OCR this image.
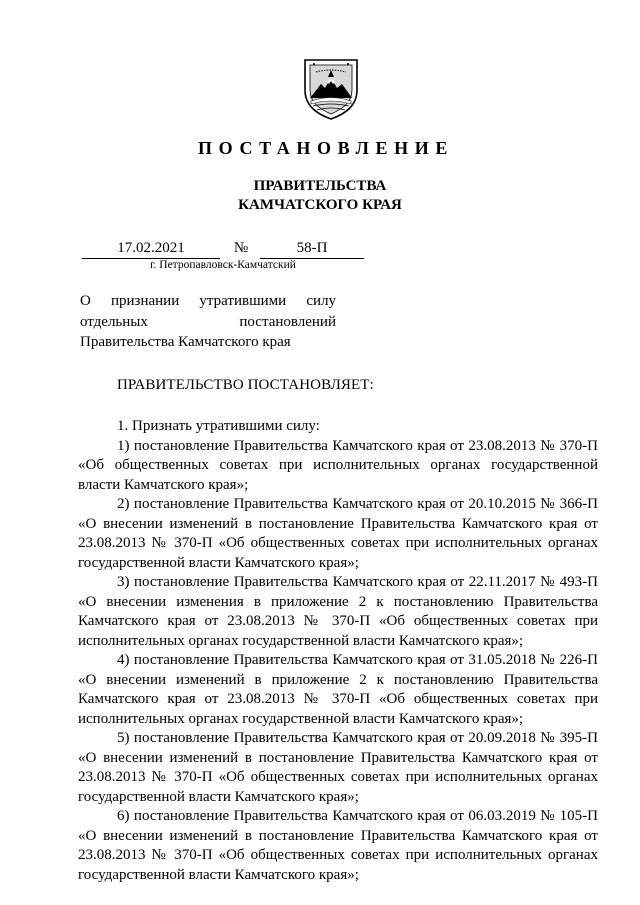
ПОСТАНОВЛЕНИЕ
ПРАВИТЕЛЬСТВА
КАМЧАТСКОГО КРАЯ
17.02.2021	№	58-П
г. Петропавловск-Камчатский
О признании утратившими силу
отдельных постановлений
Правительства Камчатского края
ПРАВИТЕЛЬСТВО ПОСТАНОВЛЯЕТ:
1. Признать утратившими силу:
1) постановление Правительства Камчатского края от 23.08.2013 № 370-П
«Об общественных советах при исполнительных органах государственной
власти Камчатского края»;
2) постановление Правительства Камчатского края от 20.10.2015 № 366-П
«О внесении изменений в постановление Правительства Камчатского края от
23.08.2013 № 370-П «Об общественных советах при исполнительных органах
государственной власти Камчатского края»;
3) постановление Правительства Камчатского края от 22.11.2017 № 493-П
«О внесении изменения в приложение 2 к постановлению Правительства
Камчатского края от 23.08.2013 № 370-П «Об общественных советах при
исполнительных органах государственной власти Камчатского края»;
4) постановление Правительства Камчатского края от 31.05.2018 № 226-П
«О внесении изменений в приложение 2 к постановлению Правительства
Камчатского края от 23.08.2013 № 370-П «Об общественных советах при
исполнительных органах государственной власти Камчатского края»;
5) постановление Правительства Камчатского края от 20.09.2018 № 395-П
«О внесении изменений в постановление Правительства Камчатского края от
23.08.2013 № 370-П «Об общественных советах при исполнительных органах
государственной власти Камчатского края»;
6) постановление Правительства Камчатского края от 06.03.2019 № 105-П
«О внесении изменений в постановление Правительства Камчатского края от
23.08.2013 № 370-П «Об общественных советах при исполнительных органах
государственной власти Камчатского края»;
